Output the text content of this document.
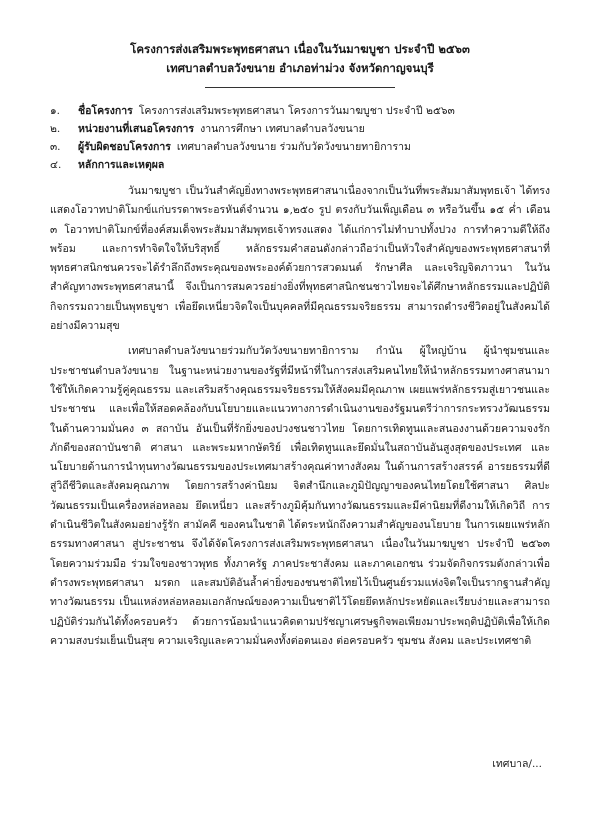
โครงการส่งเสริมพระพุทธศาสนา เนื่องในวันมาฆบูชา ประจำปี ๒๕๖๓
เทศบาลตำบลวังขนาย อำเภอท่าม่วง จังหวัดกาญจนบุรี
๑. ชื่อโครงการ โครงการส่งเสริมพระพุทธศาสนา โครงการวันมาฆบูชา ประจำปี ๒๕๖๓
๒. หน่วยงานที่เสนอโครงการ งานการศึกษา เทศบาลตำบลวังขนาย
๓. ผู้รับผิดชอบโครงการ เทศบาลตำบลวังขนาย ร่วมกับวัดวังขนายทายิการาม
๔. หลักการและเหตุผล

วันมาฆบูชา เป็นวันสำคัญยิ่งทางพระพุทธศาสนาเนื่องจากเป็นวันที่พระสัมมาสัมพุทธเจ้า ได้ทรงแสดงโอวาทปาติโมกข์แก่บรรดาพระอรหันต์จำนวน ๑,๒๕๐ รูป ตรงกับวันเพ็ญเดือน ๓ หรือวันขึ้น ๑๕ ค่ำ เดือน ๓ โอวาทปาติโมกข์ที่องค์สมเด็จพระสัมมาสัมพุทธเจ้าทรงแสดง ได้แก่การไม่ทำบาปทั้งปวง การทำความดีให้ถึงพร้อม และการทำจิตใจให้บริสุทธิ์ หลักธรรมคำสอนดังกล่าวถือว่าเป็นหัวใจสำคัญของพระพุทธศาสนาที่พุทธศาสนิกชนควรจะได้รำลึกถึงพระคุณของพระองค์ด้วยการสวดมนต์ รักษาศีล และเจริญจิตภาวนา ในวันสำคัญทางพระพุทธศาสนานี้ จึงเป็นการสมควรอย่างยิ่งที่พุทธศาสนิกชนชาวไทยจะได้ศึกษาหลักธรรมและปฏิบัติกิจกรรมถวายเป็นพุทธบูชา เพื่อยึดเหนี่ยวจิตใจเป็นบุคคลที่มีคุณธรรมจริยธรรม สามารถดำรงชีวิตอยู่ในสังคมได้อย่างมีความสุข

เทศบาลตำบลวังขนายร่วมกับวัดวังขนายทายิการาม กำนัน ผู้ใหญ่บ้าน ผู้นำชุมชนและประชาชนตำบลวังขนาย ในฐานะหน่วยงานของรัฐที่มีหน้าที่ในการส่งเสริมคนไทยให้นำหลักธรรมทางศาสนามาใช้ให้เกิดความรู้คู่คุณธรรม และเสริมสร้างคุณธรรมจริยธรรมให้สังคมมีคุณภาพ เผยแพร่หลักธรรมสู่เยาวชนและประชาชน และเพื่อให้สอดคล้องกับนโยบายและแนวทางการดำเนินงานของรัฐมนตรีว่าการกระทรวงวัฒนธรรม ในด้านความมั่นคง ๓ สถาบัน อันเป็นที่รักยิ่งของปวงชนชาวไทย โดยการเทิดทูนและสนองงานด้วยความจงรักภักดีของสถาบันชาติ ศาสนา และพระมหากษัตริย์ เพื่อเทิดทูนและยึดมั่นในสถาบันอันสูงสุดของประเทศ และนโยบายด้านการนำทุนทางวัฒนธรรมของประเทศมาสร้างคุณค่าทางสังคม ในด้านการสร้างสรรค์ อารยธรรมที่ดีสู่วิถีชีวิตและสังคมคุณภาพ โดยการสร้างค่านิยม จิตสำนึกและภูมิปัญญาของคนไทยโดยใช้ศาสนา ศิลปะ วัฒนธรรมเป็นเครื่องหล่อหลอม ยึดเหนี่ยว และสร้างภูมิคุ้มกันทางวัฒนธรรมและมีค่านิยมที่ดีงามให้เกิดวิถี การดำเนินชีวิตในสังคมอย่างรู้รัก สามัคคี ของคนในชาติ ได้ตระหนักถึงความสำคัญของนโยบาย ในการเผยแพร่หลักธรรมทางศาสนา สู่ประชาชน จึงได้จัดโครงการส่งเสริมพระพุทธศาสนา เนื่องในวันมาฆบูชา ประจำปี ๒๕๖๓ โดยความร่วมมือ ร่วมใจของชาวพุทธ ทั้งภาครัฐ ภาคประชาสังคม และภาคเอกชน ร่วมจัดกิจกรรมดังกล่าวเพื่อดำรงพระพุทธศาสนา มรดก และสมบัติอันล้ำค่ายิ่งของชนชาติไทยไว้เป็นศูนย์รวมแห่งจิตใจเป็นรากฐานสำคัญทางวัฒนธรรม เป็นแหล่งหล่อหลอมเอกลักษณ์ของความเป็นชาติไว้โดยยึดหลักประหยัดและเรียบง่ายและสามารถปฏิบัติร่วมกันได้ทั้งครอบครัว ด้วยการน้อมนำแนวคิดตามปรัชญาเศรษฐกิจพอเพียงมาประพฤติปฏิบัติเพื่อให้เกิดความสงบร่มเย็นเป็นสุข ความเจริญและความมั่นคงทั้งต่อตนเอง ต่อครอบครัว ชุมชน สังคม และประเทศชาติ

เทศบาล/...
